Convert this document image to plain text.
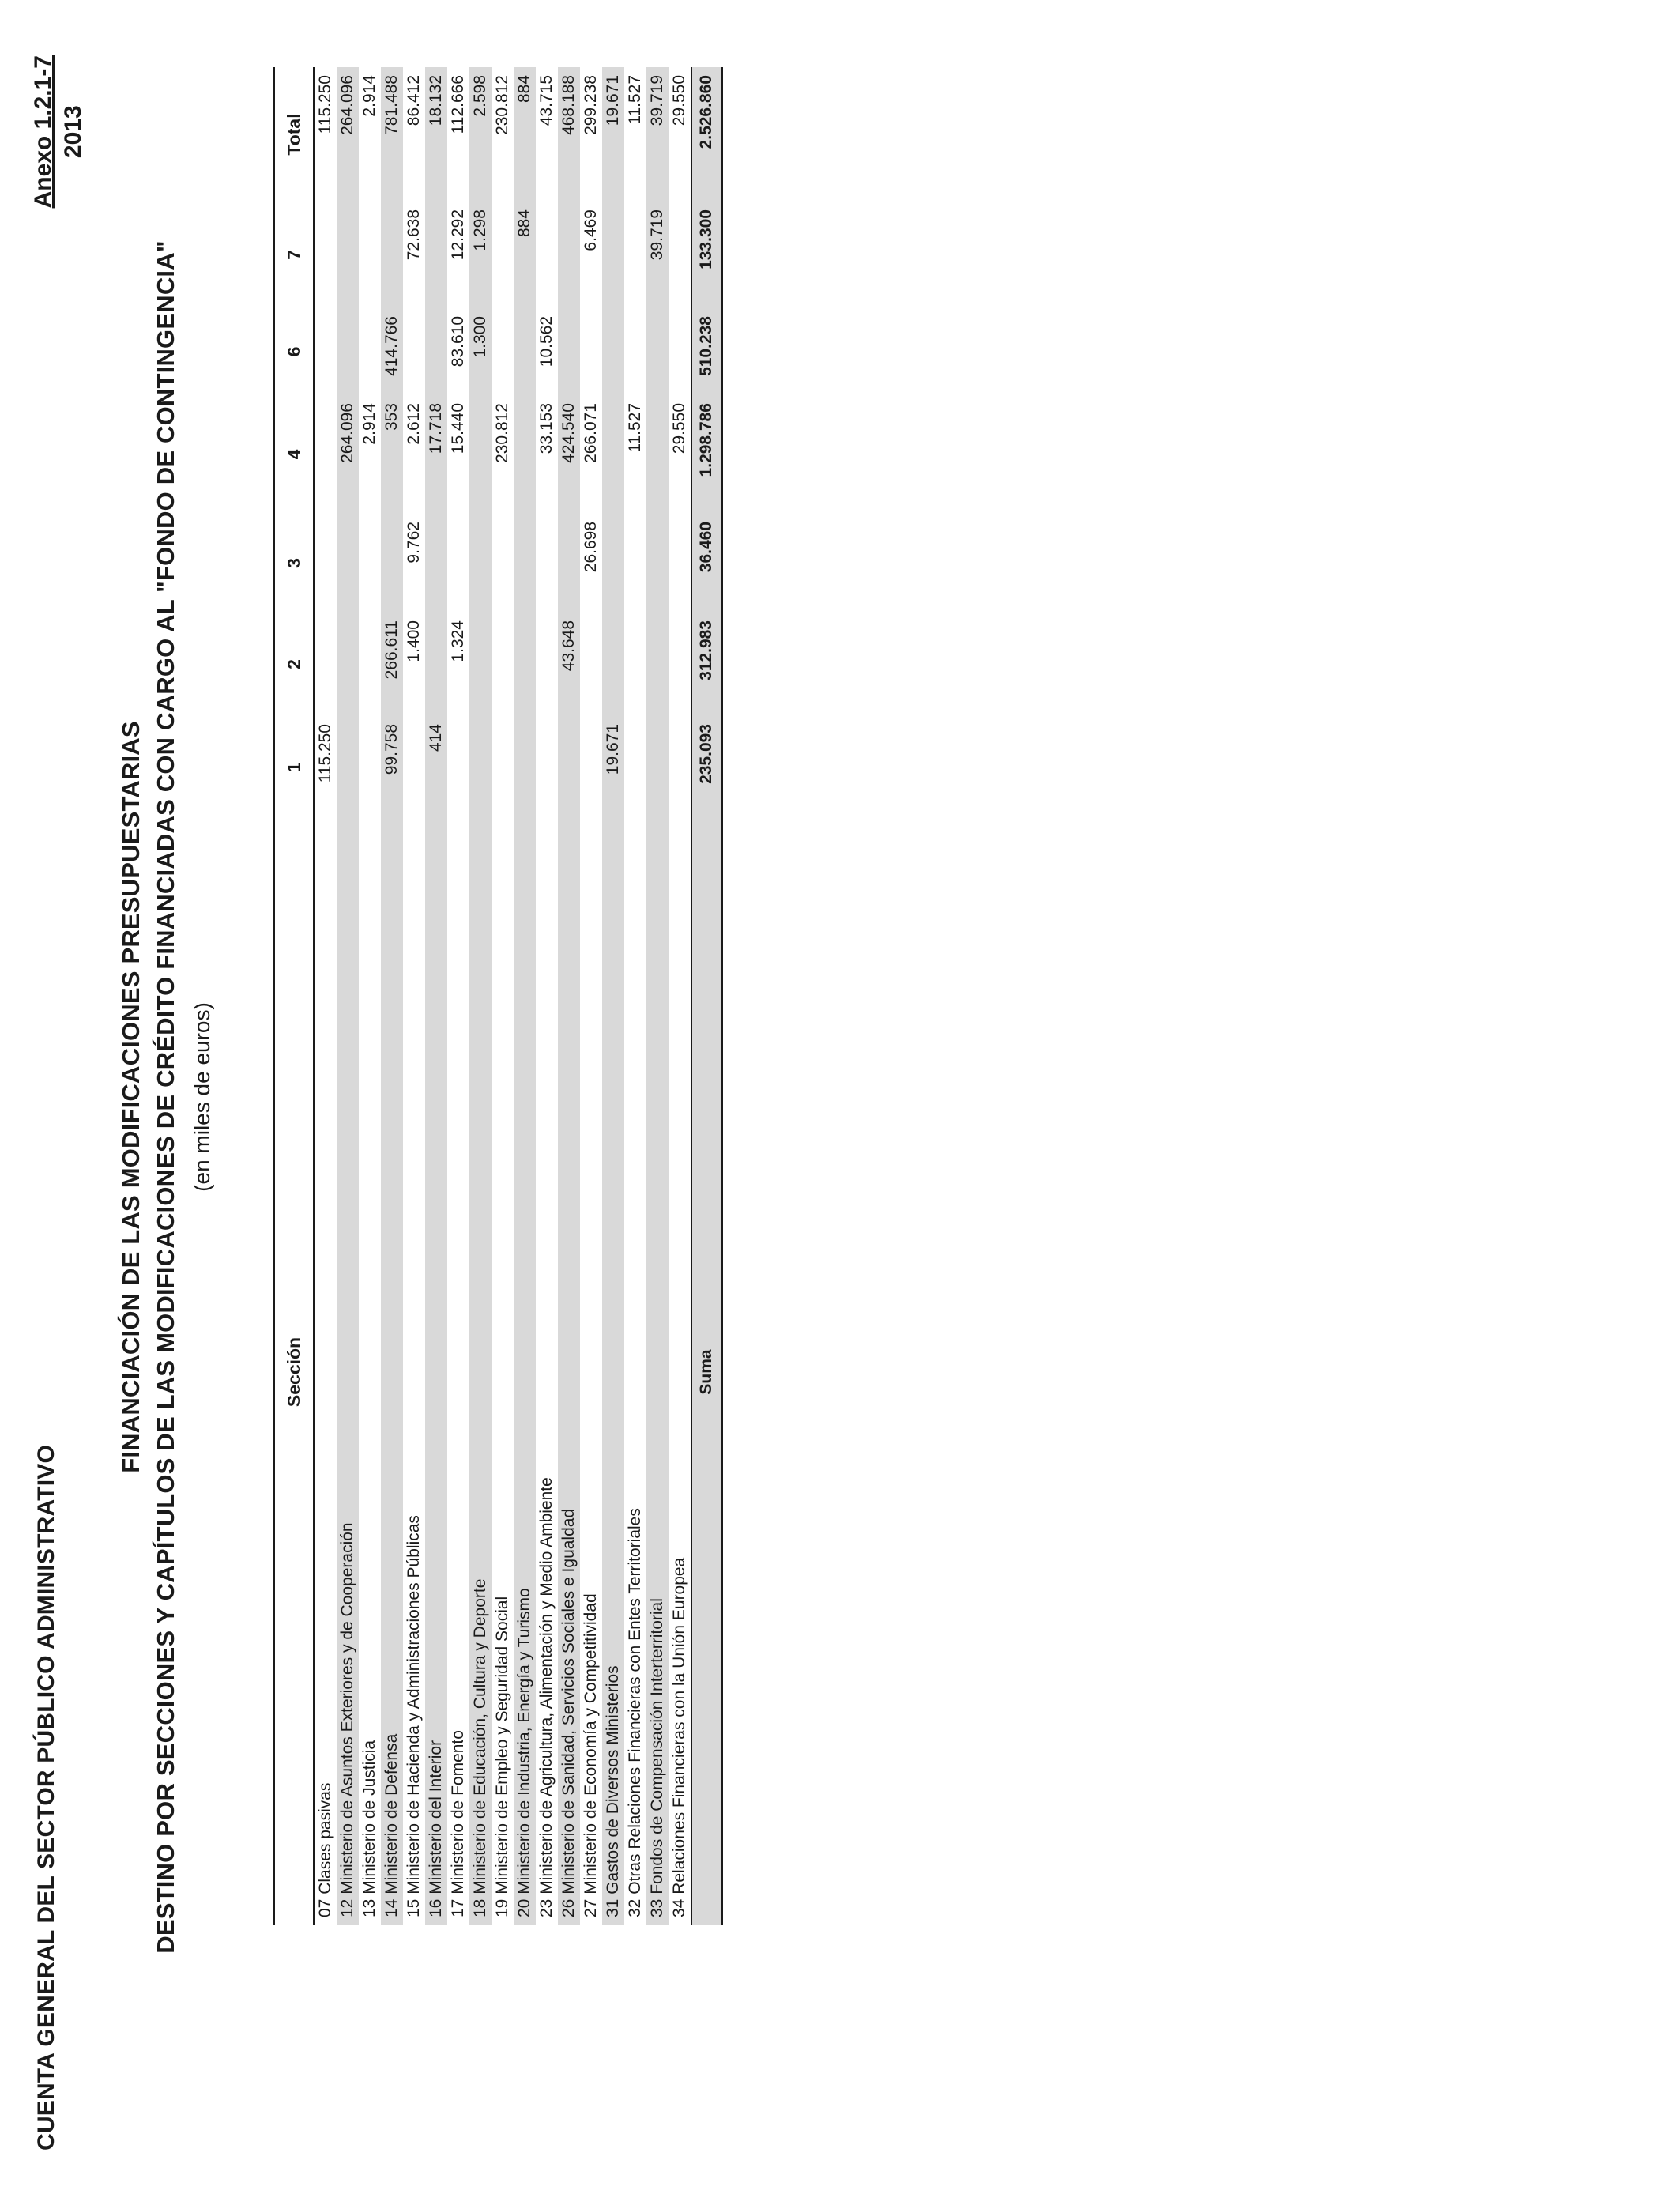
CUENTA GENERAL DEL SECTOR PÚBLICO ADMINISTRATIVO
Anexo 1.2.1-7 2013
FINANCIACIÓN DE LAS MODIFICACIONES PRESUPUESTARIAS DESTINO POR SECCIONES Y CAPÍTULOS DE LAS MODIFICACIONES DE CRÉDITO FINANCIADAS CON CARGO AL "FONDO DE CONTINGENCIA" (en miles de euros)
Sección	1	2	3	4	6	7	Total
07 Clases pasivas	115.250						115.250
12 Ministerio de Asuntos Exteriores y de Cooperación				264.096			264.096
13 Ministerio de Justicia				2.914			2.914
14 Ministerio de Defensa	99.758	266.611		353	414.766		781.488
15 Ministerio de Hacienda y Administraciones Públicas		1.400	9.762	2.612		72.638	86.412
16 Ministerio del Interior	414			17.718			18.132
17 Ministerio de Fomento		1.324		15.440	83.610	12.292	112.666
18 Ministerio de Educación, Cultura y Deporte					1.300	1.298	2.598
19 Ministerio de Empleo y Seguridad Social				230.812			230.812
20 Ministerio de Industria, Energía y Turismo						884	884
23 Ministerio de Agricultura, Alimentación y Medio Ambiente				33.153	10.562		43.715
26 Ministerio de Sanidad, Servicios Sociales e Igualdad		43.648		424.540			468.188
27 Ministerio de Economía y Competitividad			26.698	266.071		6.469	299.238
31 Gastos de Diversos Ministerios	19.671						19.671
32 Otras Relaciones Financieras con Entes Territoriales				11.527			11.527
33 Fondos de Compensación Interterritorial						39.719	39.719
34 Relaciones Financieras con la Unión Europea				29.550			29.550
Suma	235.093	312.983	36.460	1.298.786	510.238	133.300	2.526.860
